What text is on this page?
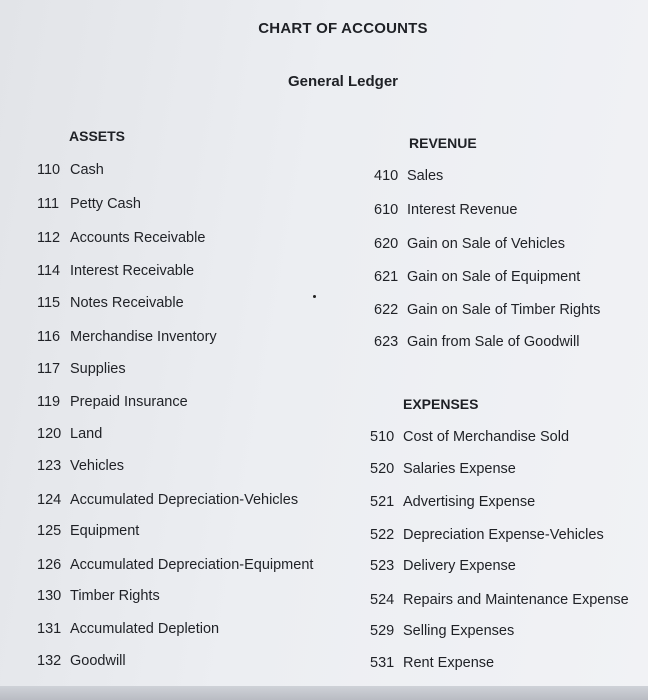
CHART OF ACCOUNTS
General Ledger
ASSETS	REVENUE
EXPENSES
110 Cash
111 Petty Cash
112 Accounts Receivable
114 Interest Receivable
115 Notes Receivable
116 Merchandise Inventory
117 Supplies
119 Prepaid Insurance
120 Land
123 Vehicles
124 Accumulated Depreciation-Vehicles
125 Equipment
126 Accumulated Depreciation-Equipment
130 Timber Rights
131 Accumulated Depletion
132 Goodwill
410 Sales
610 Interest Revenue
620 Gain on Sale of Vehicles
621 Gain on Sale of Equipment
622 Gain on Sale of Timber Rights
623 Gain from Sale of Goodwill
510 Cost of Merchandise Sold
520 Salaries Expense
521 Advertising Expense
522 Depreciation Expense-Vehicles
523 Delivery Expense
524 Repairs and Maintenance Expense
529 Selling Expenses
531 Rent Expense
